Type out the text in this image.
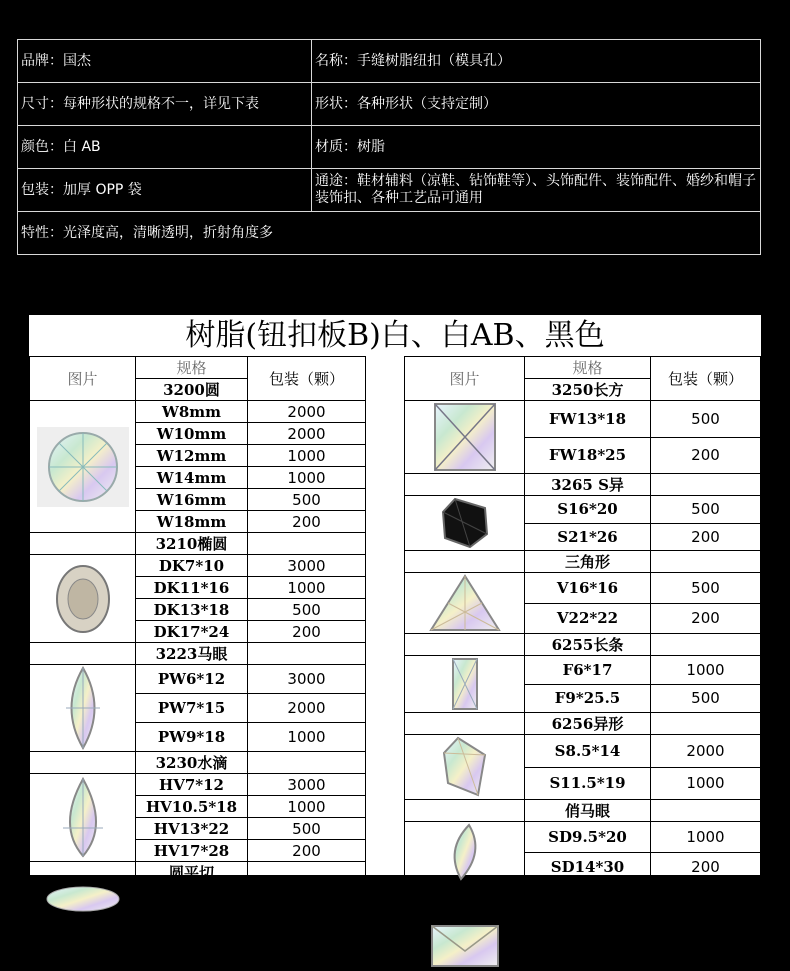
品牌：国杰	名称：手缝树脂纽扣（模具孔）
尺寸：每种形状的规格不一，详见下表	形状：各种形状（支持定制）
颜色：白 AB	材质：树脂
包装：加厚 OPP 袋	通途：鞋材辅料（凉鞋、钻饰鞋等）、头饰配件、装饰配件、婚纱和帽子装饰扣、各种工艺品可通用
特性：光泽度高，清晰透明，折射角度多	
树脂(钮扣板B)白、白AB、黑色
图片	规格	包装（颗）
	3200圆	
	W8mm	2000
	W10mm	2000
	W12mm	1000
	W14mm	1000
	W16mm	500
	W18mm	200
	3210椭圆	
	DK7*10	3000
	DK11*16	1000
	DK13*18	500
	DK17*24	200
	3223马眼	
	PW6*12	3000
	PW7*15	2000
	PW9*18	1000
	3230水滴	
	HV7*12	3000
	HV10.5*18	1000
	HV13*22	500
	HV17*28	200
	圆平切	
	SS8*6	3000
图片	规格	包装（颗）
	3250长方	
	FW13*18	500
	FW18*25	200
	3265 S异	
	S16*20	500
	S21*26	200
	三角形	
	V16*16	500
	V22*22	200
	6255长条	
	F6*17	1000
	F9*25.5	500
	6256异形	
	S8.5*14	2000
	S11.5*19	1000
	俏马眼	
	SD9.5*20	1000
	SD14*30	200
	3240正方	
	FW8*8	2000
	FW10*10	2000
	FW12*12	1000
